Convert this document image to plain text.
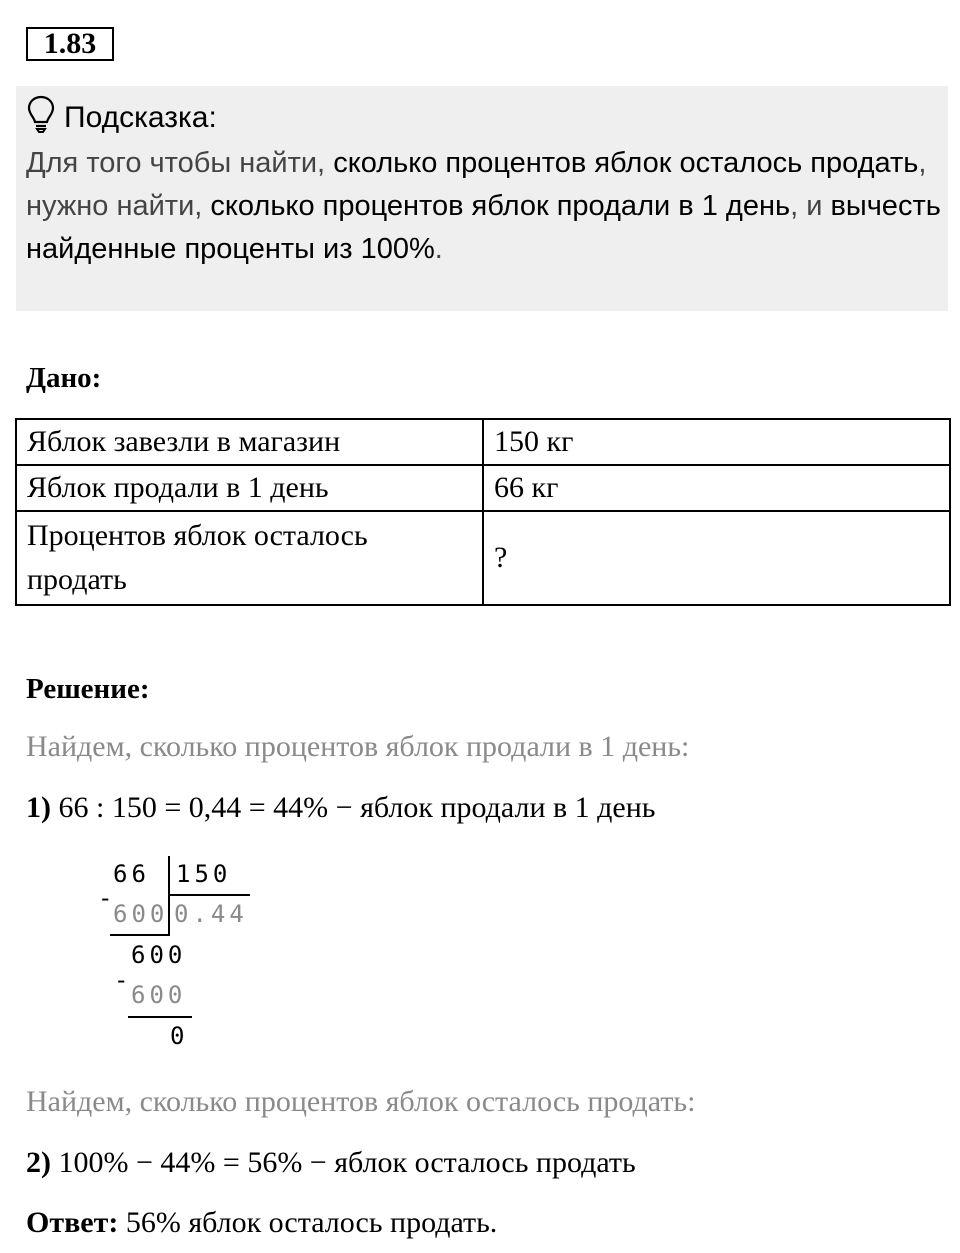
1.83
Подсказка:
Для того чтобы найти, сколько процентов яблок осталось продать, нужно найти, сколько процентов яблок продали в 1 день, и вычесть найденные проценты из 100%.
Дано:
Яблок завезли в магазин	150 кг
Яблок продали в 1 день	66 кг
Процентов яблок осталось продать	?
Решение:
Найдем, сколько процентов яблок продали в 1 день:
1) 66 : 150 = 0,44 = 44% − яблок продали в 1 день
66 150
-
600 0.44
600
-
600
0
Найдем, сколько процентов яблок осталось продать:
2) 100% − 44% = 56% − яблок осталось продать
Ответ: 56% яблок осталось продать.
